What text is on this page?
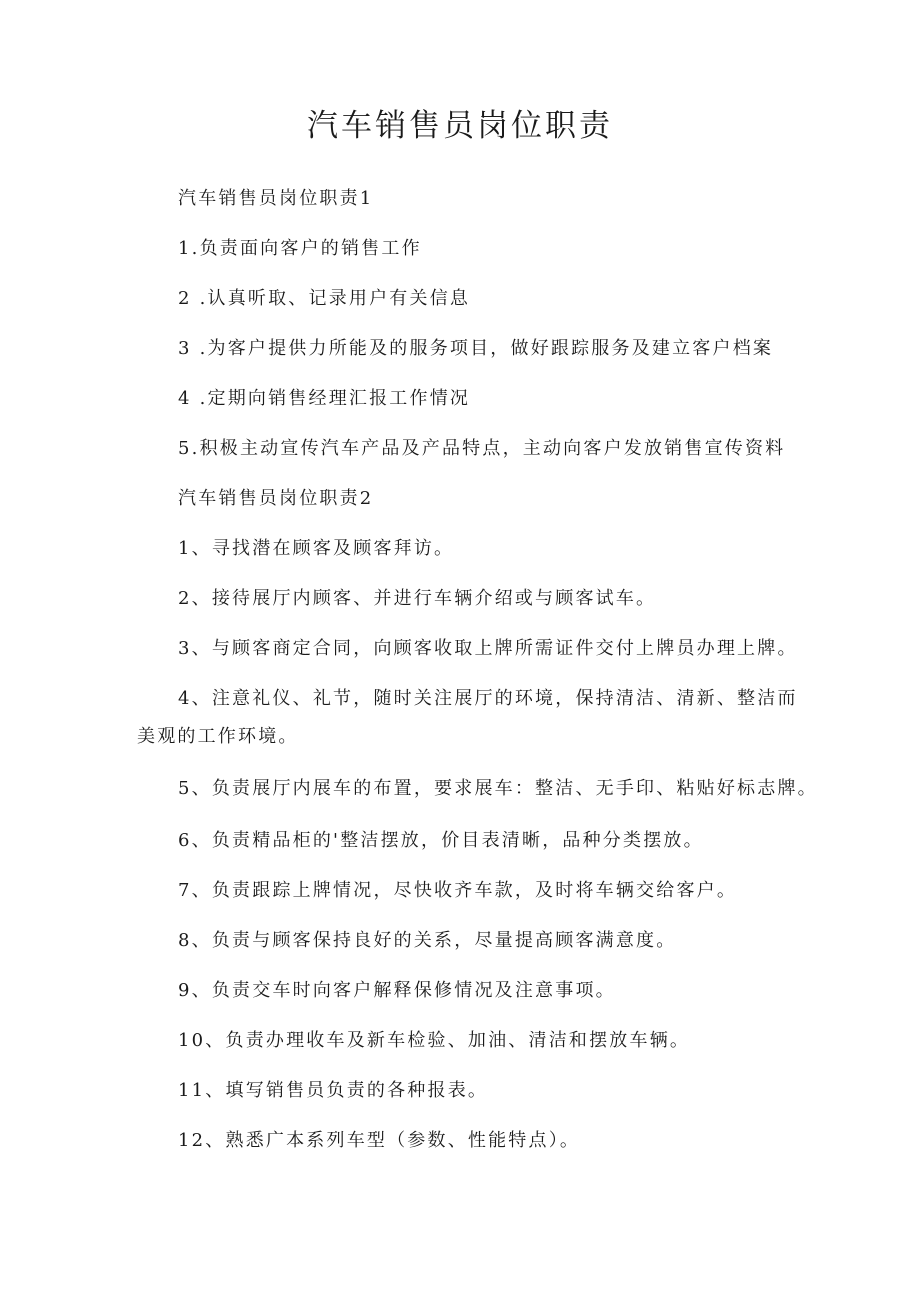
汽车销售员岗位职责
汽车销售员岗位职责1
1.负责面向客户的销售工作
2 .认真听取、记录用户有关信息
3 .为客户提供力所能及的服务项目，做好跟踪服务及建立客户档案
4 .定期向销售经理汇报工作情况
5.积极主动宣传汽车产品及产品特点，主动向客户发放销售宣传资料
汽车销售员岗位职责2
1、寻找潜在顾客及顾客拜访。
2、接待展厅内顾客、并进行车辆介绍或与顾客试车。
3、与顾客商定合同，向顾客收取上牌所需证件交付上牌员办理上牌。
4、注意礼仪、礼节，随时关注展厅的环境，保持清洁、清新、整洁而
美观的工作环境。
5、负责展厅内展车的布置，要求展车：整洁、无手印、粘贴好标志牌。
6、负责精品柜的'整洁摆放，价目表清晰，品种分类摆放。
7、负责跟踪上牌情况，尽快收齐车款，及时将车辆交给客户。
8、负责与顾客保持良好的关系，尽量提高顾客满意度。
9、负责交车时向客户解释保修情况及注意事项。
10、负责办理收车及新车检验、加油、清洁和摆放车辆。
11、填写销售员负责的各种报表。
12、熟悉广本系列车型（参数、性能特点）。
